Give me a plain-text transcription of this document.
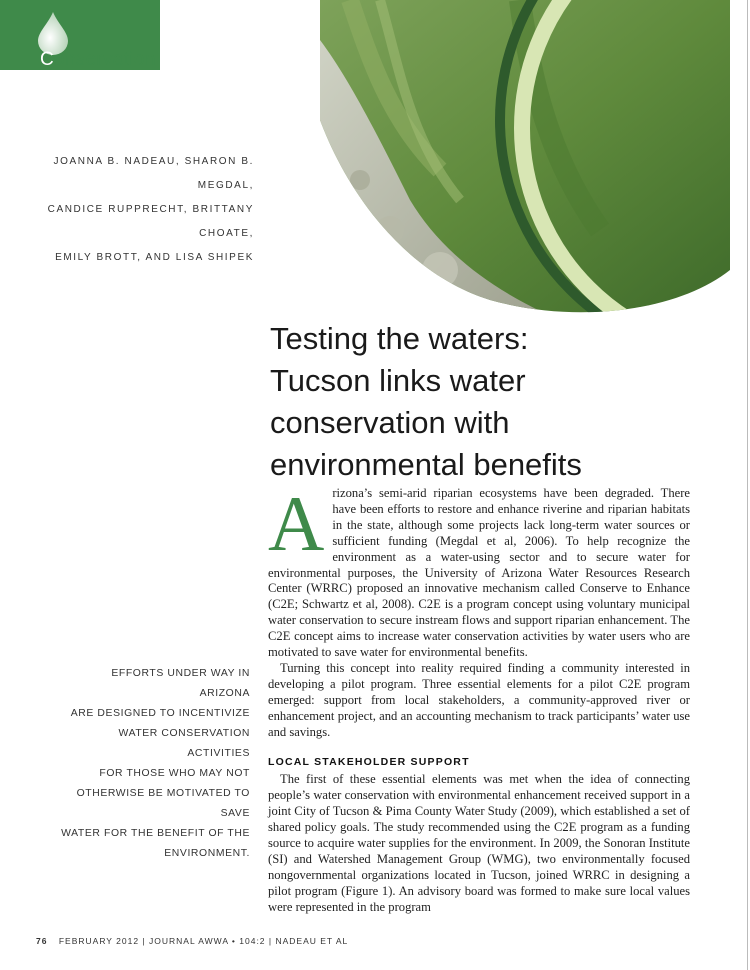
Conservation
JOANNA B. NADEAU, SHARON B. MEGDAL,
CANDICE RUPPRECHT, BRITTANY CHOATE,
EMILY BROTT, AND LISA SHIPEK
Testing the waters:
Tucson links water
conservation with
environmental benefits

Arizona’s semi-arid riparian ecosystems have been degraded. There have been efforts to restore and enhance riverine and riparian habitats in the state, although some projects lack long-term water sources or sufficient funding (Megdal et al, 2006). To help recognize the environment as a water-using sector and to secure water for environmental purposes, the University of Arizona Water Resources Research Center (WRRC) proposed an innovative mechanism called Conserve to Enhance (C2E; Schwartz et al, 2008). C2E is a program concept using voluntary municipal water conservation to secure instream flows and support riparian enhancement. The C2E concept aims to increase water conservation activities by water users who are motivated to save water for environmental benefits.

Turning this concept into reality required finding a community interested in developing a pilot program. Three essential elements for a pilot C2E program emerged: support from local stakeholders, a community-approved river or enhancement project, and an accounting mechanism to track participants’ water use and savings.

LOCAL STAKEHOLDER SUPPORT

The first of these essential elements was met when the idea of connecting people’s water conservation with environmental enhancement received support in a joint City of Tucson & Pima County Water Study (2009), which established a set of shared policy goals. The study recommended using the C2E program as a funding source to acquire water supplies for the environment. In 2009, the Sonoran Institute (SI) and Watershed Management Group (WMG), two environmentally focused nongovernmental organizations located in Tucson, joined WRRC in designing a pilot program (Figure 1). An advisory board was formed to make sure local values were represented in the program

EFFORTS UNDER WAY IN ARIZONA
ARE DESIGNED TO INCENTIVIZE
WATER CONSERVATION ACTIVITIES
FOR THOSE WHO MAY NOT
OTHERWISE BE MOTIVATED TO SAVE
WATER FOR THE BENEFIT OF THE
ENVIRONMENT.
76 FEBRUARY 2012 | JOURNAL AWWA • 104:2 | NADEAU ET AL
